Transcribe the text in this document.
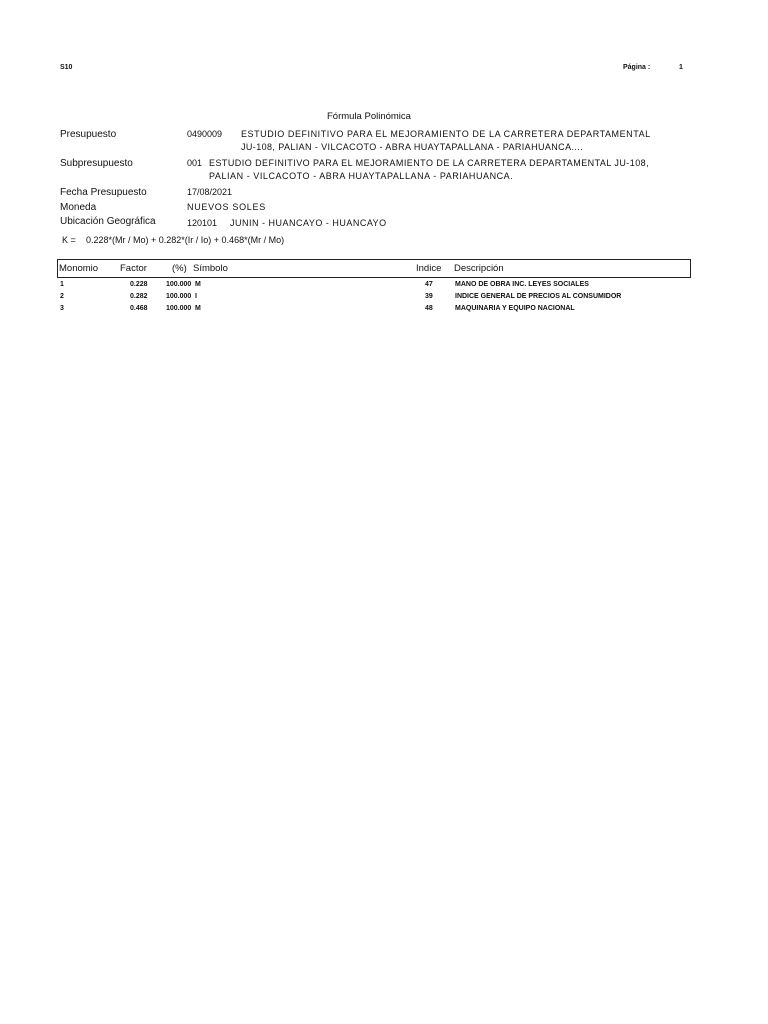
S10	Página :	1
Fórmula Polinómica
Presupuesto	0490009 ESTUDIO DEFINITIVO PARA EL MEJORAMIENTO DE LA CARRETERA DEPARTAMENTAL
JU-108, PALIAN - VILCACOTO - ABRA HUAYTAPALLANA - PARIAHUANCA....
Subpresupuesto	001 ESTUDIO DEFINITIVO PARA EL MEJORAMIENTO DE LA CARRETERA DEPARTAMENTAL JU-108,
PALIAN - VILCACOTO - ABRA HUAYTAPALLANA - PARIAHUANCA.
Fecha Presupuesto	17/08/2021
Moneda	NUEVOS SOLES
Ubicación Geográfica	120101 JUNIN - HUANCAYO - HUANCAYO
K = 0.228*(Mr / Mo) + 0.282*(Ir / Io) + 0.468*(Mr / Mo)
Monomio Factor	(%) Símbolo	Indice Descripción
1	0.228	100.000 M	47	MANO DE OBRA INC. LEYES SOCIALES
2	0.282	100.000 I	39	INDICE GENERAL DE PRECIOS AL CONSUMIDOR
3	0.468	100.000 M	48	MAQUINARIA Y EQUIPO NACIONAL
